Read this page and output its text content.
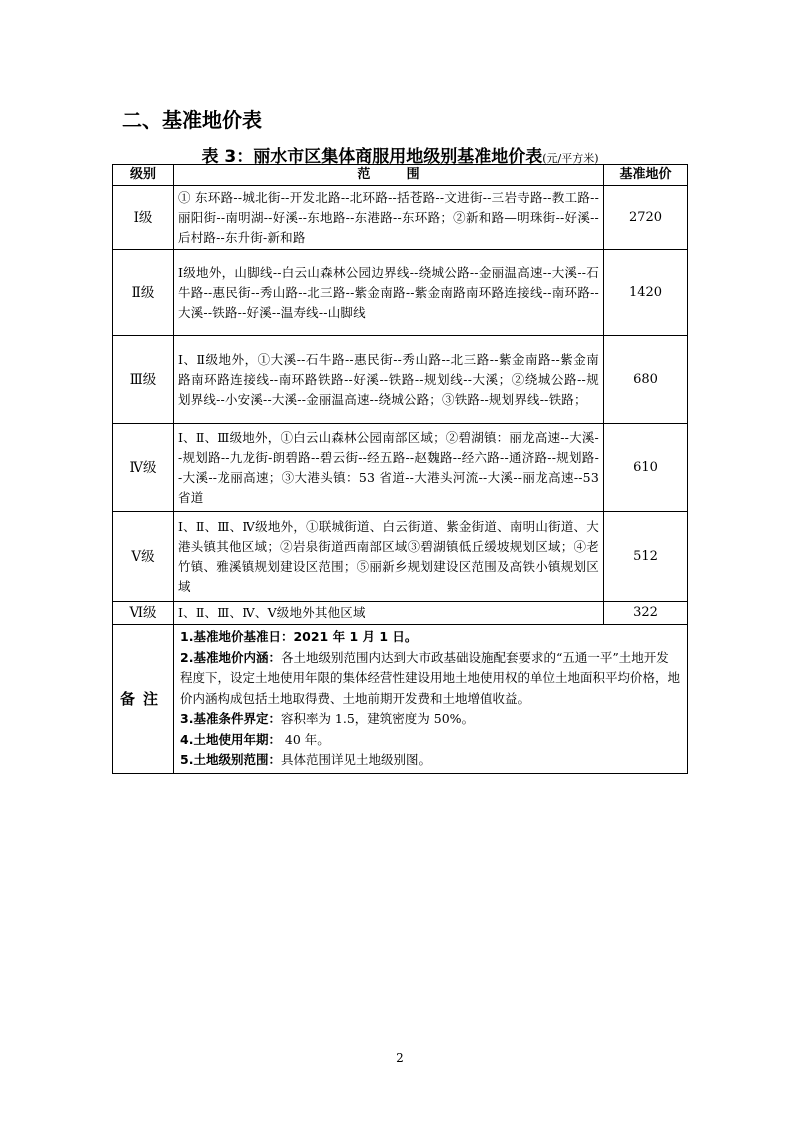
二、基准地价表
表 3：丽水市区集体商服用地级别基准地价表(元/平方米)
级别	范        围	基准地价
Ⅰ级	① 东环路--城北街--开发北路--北环路--括苍路--文进街--三岩寺路--教工路--丽阳街--南明湖--好溪--东地路--东港路--东环路；②新和路—明珠街--好溪--后村路--东升街-新和路	2720
Ⅱ级	Ⅰ级地外，山脚线--白云山森林公园边界线--绕城公路--金丽温高速--大溪--石牛路--惠民街--秀山路--北三路--紫金南路--紫金南路南环路连接线--南环路--大溪--铁路--好溪--温寿线--山脚线	1420
Ⅲ级	Ⅰ、Ⅱ级地外，①大溪--石牛路--惠民街--秀山路--北三路--紫金南路--紫金南路南环路连接线--南环路铁路--好溪--铁路--规划线--大溪；②绕城公路--规划界线--小安溪--大溪--金丽温高速--绕城公路；③铁路--规划界线--铁路；	680
Ⅳ级	Ⅰ、Ⅱ、Ⅲ级地外，①白云山森林公园南部区域；②碧湖镇：丽龙高速--大溪--规划路--九龙街-朗碧路--碧云街--经五路--赵魏路--经六路--通济路--规划路--大溪--龙丽高速；③大港头镇：53 省道--大港头河流--大溪--丽龙高速--53 省道	610
Ⅴ级	Ⅰ、Ⅱ、Ⅲ、Ⅳ级地外，①联城街道、白云街道、紫金街道、南明山街道、大港头镇其他区域；②岩泉街道西南部区域③碧湖镇低丘缓坡规划区域；④老竹镇、雅溪镇规划建设区范围；⑤丽新乡规划建设区范围及高铁小镇规划区域	512
Ⅵ级	Ⅰ、Ⅱ、Ⅲ、Ⅳ、Ⅴ级地外其他区域	322
备注	1.基准地价基准日：2021 年 1 月 1 日。
2.基准地价内涵：各土地级别范围内达到大市政基础设施配套要求的“五通一平”土地开发程度下，设定土地使用年限的集体经营性建设用地土地使用权的单位土地面积平均价格，地价内涵构成包括土地取得费、土地前期开发费和土地增值收益。
3.基准条件界定：容积率为 1.5，建筑密度为 50%。
4.土地使用年期： 40 年。
5.土地级别范围：具体范围详见土地级别图。	
2
